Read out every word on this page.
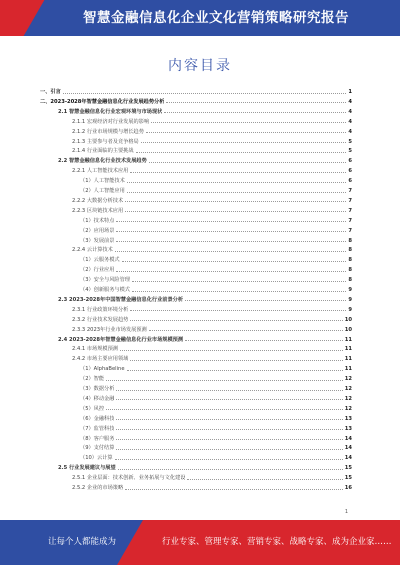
智慧金融信息化企业文化营销策略研究报告
内容目录
一、引言	1
二、2023-2028年智慧金融信息化行业发展趋势分析	4
2.1 智慧金融信息化行业宏观环境与市场现状	4
2.1.1 宏观经济对行业发展的影响	4
2.1.2 行业市场规模与增长趋势	4
2.1.3 主要参与者及竞争格局	5
2.1.4 行业面临的主要挑战	5
2.2 智慧金融信息化行业技术发展趋势	6
2.2.1 人工智能技术应用	6
（1）人工智能技术	6
（2）人工智能应用	7
2.2.2 大数据分析技术	7
2.2.3 区块链技术应用	7
（1）技术特点	7
（2）应用场景	7
（3）发展前景	8
2.2.4 云计算技术	8
（1）云服务模式	8
（2）行业应用	8
（3）安全与风险管理	8
（4）创新服务与模式	9
2.3 2023-2028年中国智慧金融信息化行业前景分析	9
2.3.1 行业政策环境分析	9
2.3.2 行业技术发展趋势	10
2.3.3 2023年行业市场发展预测	10
2.4 2023-2028年智慧金融信息化行业市场规模预测	11
2.4.1 市场规模预测	11
2.4.2 市场主要应用领域	11
（1）AlphaBeline	11
（2）智能	12
（3）数据分析	12
（4）移动金融	12
（5）风控	12
（6）金融科技	13
（7）监管科技	13
（8）客户服务	14
（9）支付结算	14
（10）云计算	14
2.5 行业发展建议与展望	15
2.5.1 企业层面：技术创新、业务拓展与文化建设	15
2.5.2 企业的市场策略	16
1
让每个人都能成为	行业专家、管理专家、营销专家、战略专家、成为企业家……
